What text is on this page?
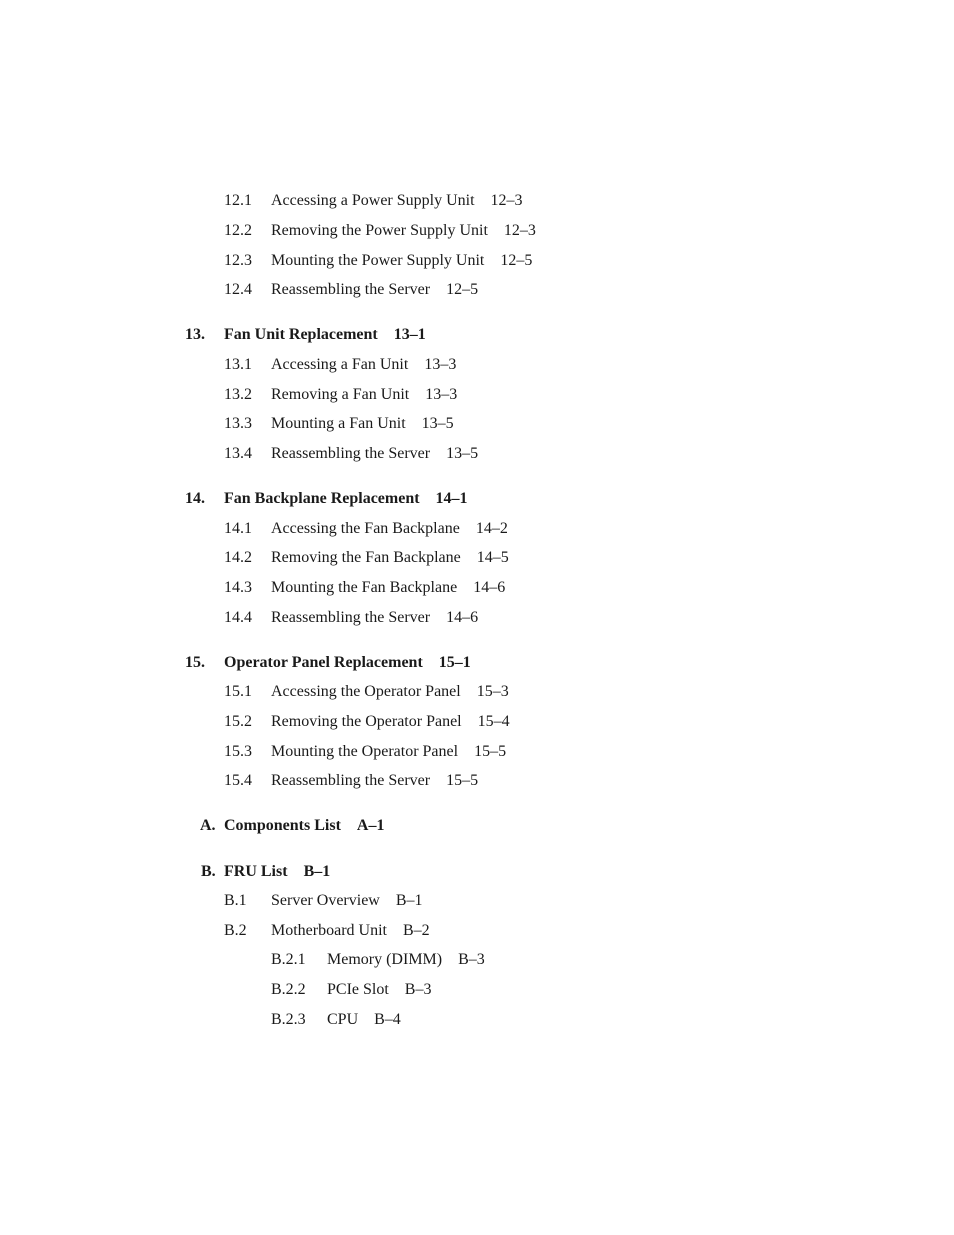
12.1 Accessing a Power Supply Unit 12–3
12.2 Removing the Power Supply Unit 12–3
12.3 Mounting the Power Supply Unit 12–5
12.4 Reassembling the Server 12–5
13. Fan Unit Replacement 13–1
13.1 Accessing a Fan Unit 13–3
13.2 Removing a Fan Unit 13–3
13.3 Mounting a Fan Unit 13–5
13.4 Reassembling the Server 13–5
14. Fan Backplane Replacement 14–1
14.1 Accessing the Fan Backplane 14–2
14.2 Removing the Fan Backplane 14–5
14.3 Mounting the Fan Backplane 14–6
14.4 Reassembling the Server 14–6
15. Operator Panel Replacement 15–1
15.1 Accessing the Operator Panel 15–3
15.2 Removing the Operator Panel 15–4
15.3 Mounting the Operator Panel 15–5
15.4 Reassembling the Server 15–5
A. Components List A–1
B. FRU List B–1
B.1 Server Overview B–1
B.2 Motherboard Unit B–2
B.2.1 Memory (DIMM) B–3
B.2.2 PCIe Slot B–3
B.2.3 CPU B–4
